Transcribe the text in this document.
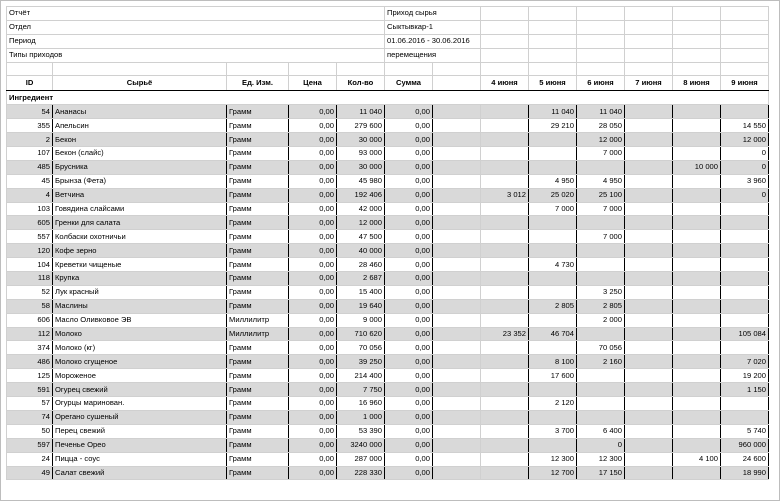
Отчёт					Приход сырья							
Отдел					Сыктывкар-1							
Период					01.06.2016 - 30.06.2016							
Типы приходов					перемещения							

ID	Сырьё	Ед. Изм.	Цена	Кол-во	Сумма		4 июня	5 июня	6 июня	7 июня	8 июня	9 июня
Ингредиент												
54	Ананасы	Грамм	0,00	11 040	0,00			11 040	11 040			
355	Апельсин	Грамм	0,00	279 600	0,00			29 210	28 050			14 550
2	Бекон	Грамм	0,00	30 000	0,00				12 000			12 000
107	Бекон (слайс)	Грамм	0,00	93 000	0,00				7 000			0
485	Брусника	Грамм	0,00	30 000	0,00						10 000	0
45	Брынза (Фета)	Грамм	0,00	45 980	0,00			4 950	4 950			3 960
4	Ветчина	Грамм	0,00	192 406	0,00		3 012	25 020	25 100			0
103	Говядина слайсами	Грамм	0,00	42 000	0,00			7 000	7 000			
605	Гренки для салата	Грамм	0,00	12 000	0,00							
557	Колбаски охотничьи	Грамм	0,00	47 500	0,00				7 000			
120	Кофе зерно	Грамм	0,00	40 000	0,00							
104	Креветки чищеные	Грамм	0,00	28 460	0,00			4 730				
118	Крупка	Грамм	0,00	2 687	0,00							
52	Лук красный	Грамм	0,00	15 400	0,00				3 250			
58	Маслины	Грамм	0,00	19 640	0,00			2 805	2 805			
606	Масло Оливковое ЭВ	Миллилитр	0,00	9 000	0,00				2 000			
112	Молоко	Миллилитр	0,00	710 620	0,00		23 352	46 704				105 084
374	Молоко (кг)	Грамм	0,00	70 056	0,00				70 056			
486	Молоко сгущеное	Грамм	0,00	39 250	0,00			8 100	2 160			7 020
125	Мороженое	Грамм	0,00	214 400	0,00			17 600				19 200
591	Огурец свежий	Грамм	0,00	7 750	0,00							1 150
57	Огурцы маринован.	Грамм	0,00	16 960	0,00			2 120				
74	Орегано сушеный	Грамм	0,00	1 000	0,00							
50	Перец свежий	Грамм	0,00	53 390	0,00			3 700	6 400			5 740
597	Печенье Орео	Грамм	0,00	3240 000	0,00				0			960 000
24	Пицца - соус	Грамм	0,00	287 000	0,00			12 300	12 300		4 100	24 600
49	Салат свежий	Грамм	0,00	228 330	0,00			12 700	17 150			18 990
